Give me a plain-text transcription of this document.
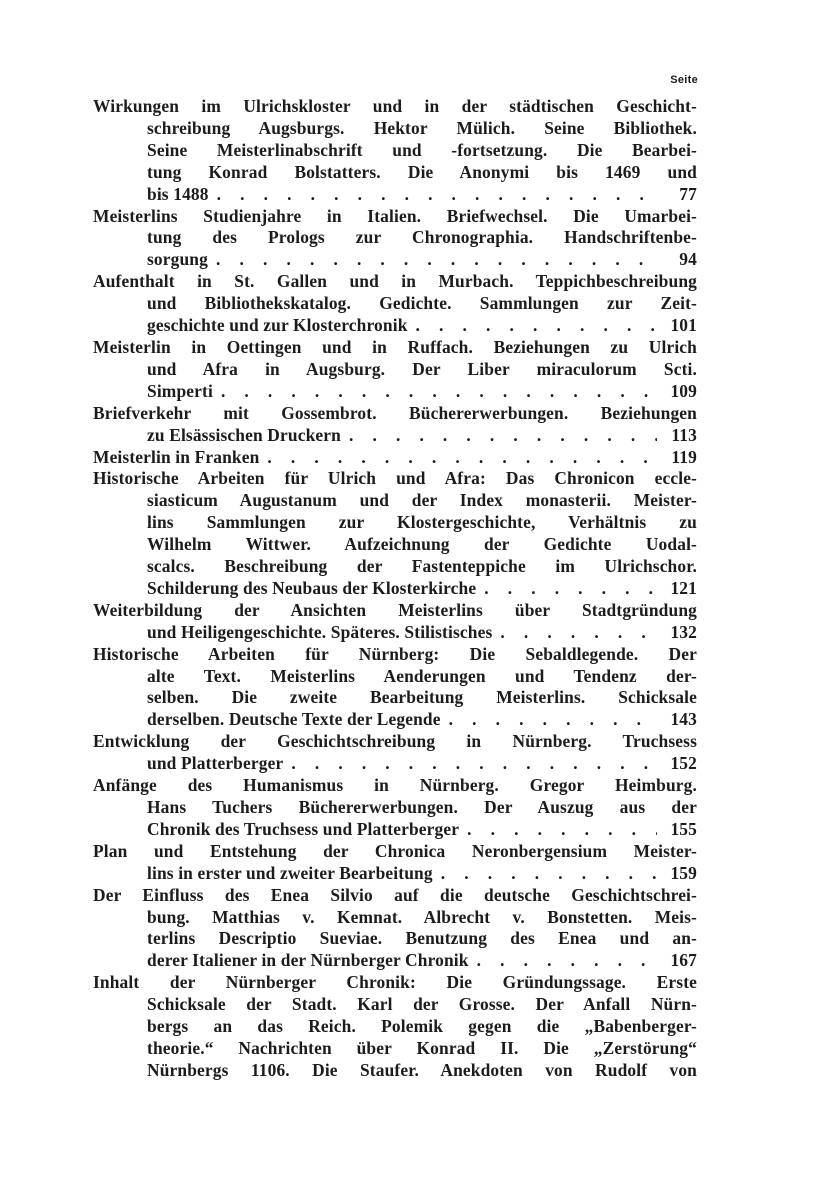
Seite
Wirkungen im Ulrichskloster und in der städtischen Geschicht-
schreibung Augsburgs. Hektor Mülich. Seine Bibliothek.
Seine Meisterlinabschrift und -fortsetzung. Die Bearbei-
tung Konrad Bolstatters. Die Anonymi bis 1469 und
bis 1488 . . .	77
Meisterlins Studienjahre in Italien. Briefwechsel. Die Umarbei-
tung des Prologs zur Chronographia. Handschriftenbe-
sorgung . . .	94
Aufenthalt in St. Gallen und in Murbach. Teppichbeschreibung
und Bibliothekskatalog. Gedichte. Sammlungen zur Zeit-
geschichte und zur Klosterchronik . . .	101
Meisterlin in Oettingen und in Ruffach. Beziehungen zu Ulrich
und Afra in Augsburg. Der Liber miraculorum Scti.
Simperti . . .	109
Briefverkehr mit Gossembrot. Büchererwerbungen. Beziehungen
zu Elsässischen Druckern . . .	113
Meisterlin in Franken . . .	119
Historische Arbeiten für Ulrich und Afra: Das Chronicon eccle-
siasticum Augustanum und der Index monasterii. Meister-
lins Sammlungen zur Klostergeschichte, Verhältnis zu
Wilhelm Wittwer. Aufzeichnung der Gedichte Uodal-
scalcs. Beschreibung der Fastenteppiche im Ulrichschor.
Schilderung des Neubaus der Klosterkirche . . .	121
Weiterbildung der Ansichten Meisterlins über Stadtgründung
und Heiligengeschichte. Späteres. Stilistisches . . .	132
Historische Arbeiten für Nürnberg: Die Sebaldlegende. Der
alte Text. Meisterlins Aenderungen und Tendenz der-
selben. Die zweite Bearbeitung Meisterlins. Schicksale
derselben. Deutsche Texte der Legende . . .	143
Entwicklung der Geschichtschreibung in Nürnberg. Truchsess
und Platterberger . . .	152
Anfänge des Humanismus in Nürnberg. Gregor Heimburg.
Hans Tuchers Büchererwerbungen. Der Auszug aus der
Chronik des Truchsess und Platterberger . . .	155
Plan und Entstehung der Chronica Neronbergensium Meister-
lins in erster und zweiter Bearbeitung . . .	159
Der Einfluss des Enea Silvio auf die deutsche Geschichtschrei-
bung. Matthias v. Kemnat. Albrecht v. Bonstetten. Meis-
terlins Descriptio Sueviae. Benutzung des Enea und an-
derer Italiener in der Nürnberger Chronik . . .	167
Inhalt der Nürnberger Chronik: Die Gründungssage. Erste
Schicksale der Stadt. Karl der Grosse. Der Anfall Nürn-
bergs an das Reich. Polemik gegen die „Babenberger-
theorie.“ Nachrichten über Konrad II. Die „Zerstörung“
Nürnbergs 1106. Die Staufer. Anekdoten von Rudolf von
